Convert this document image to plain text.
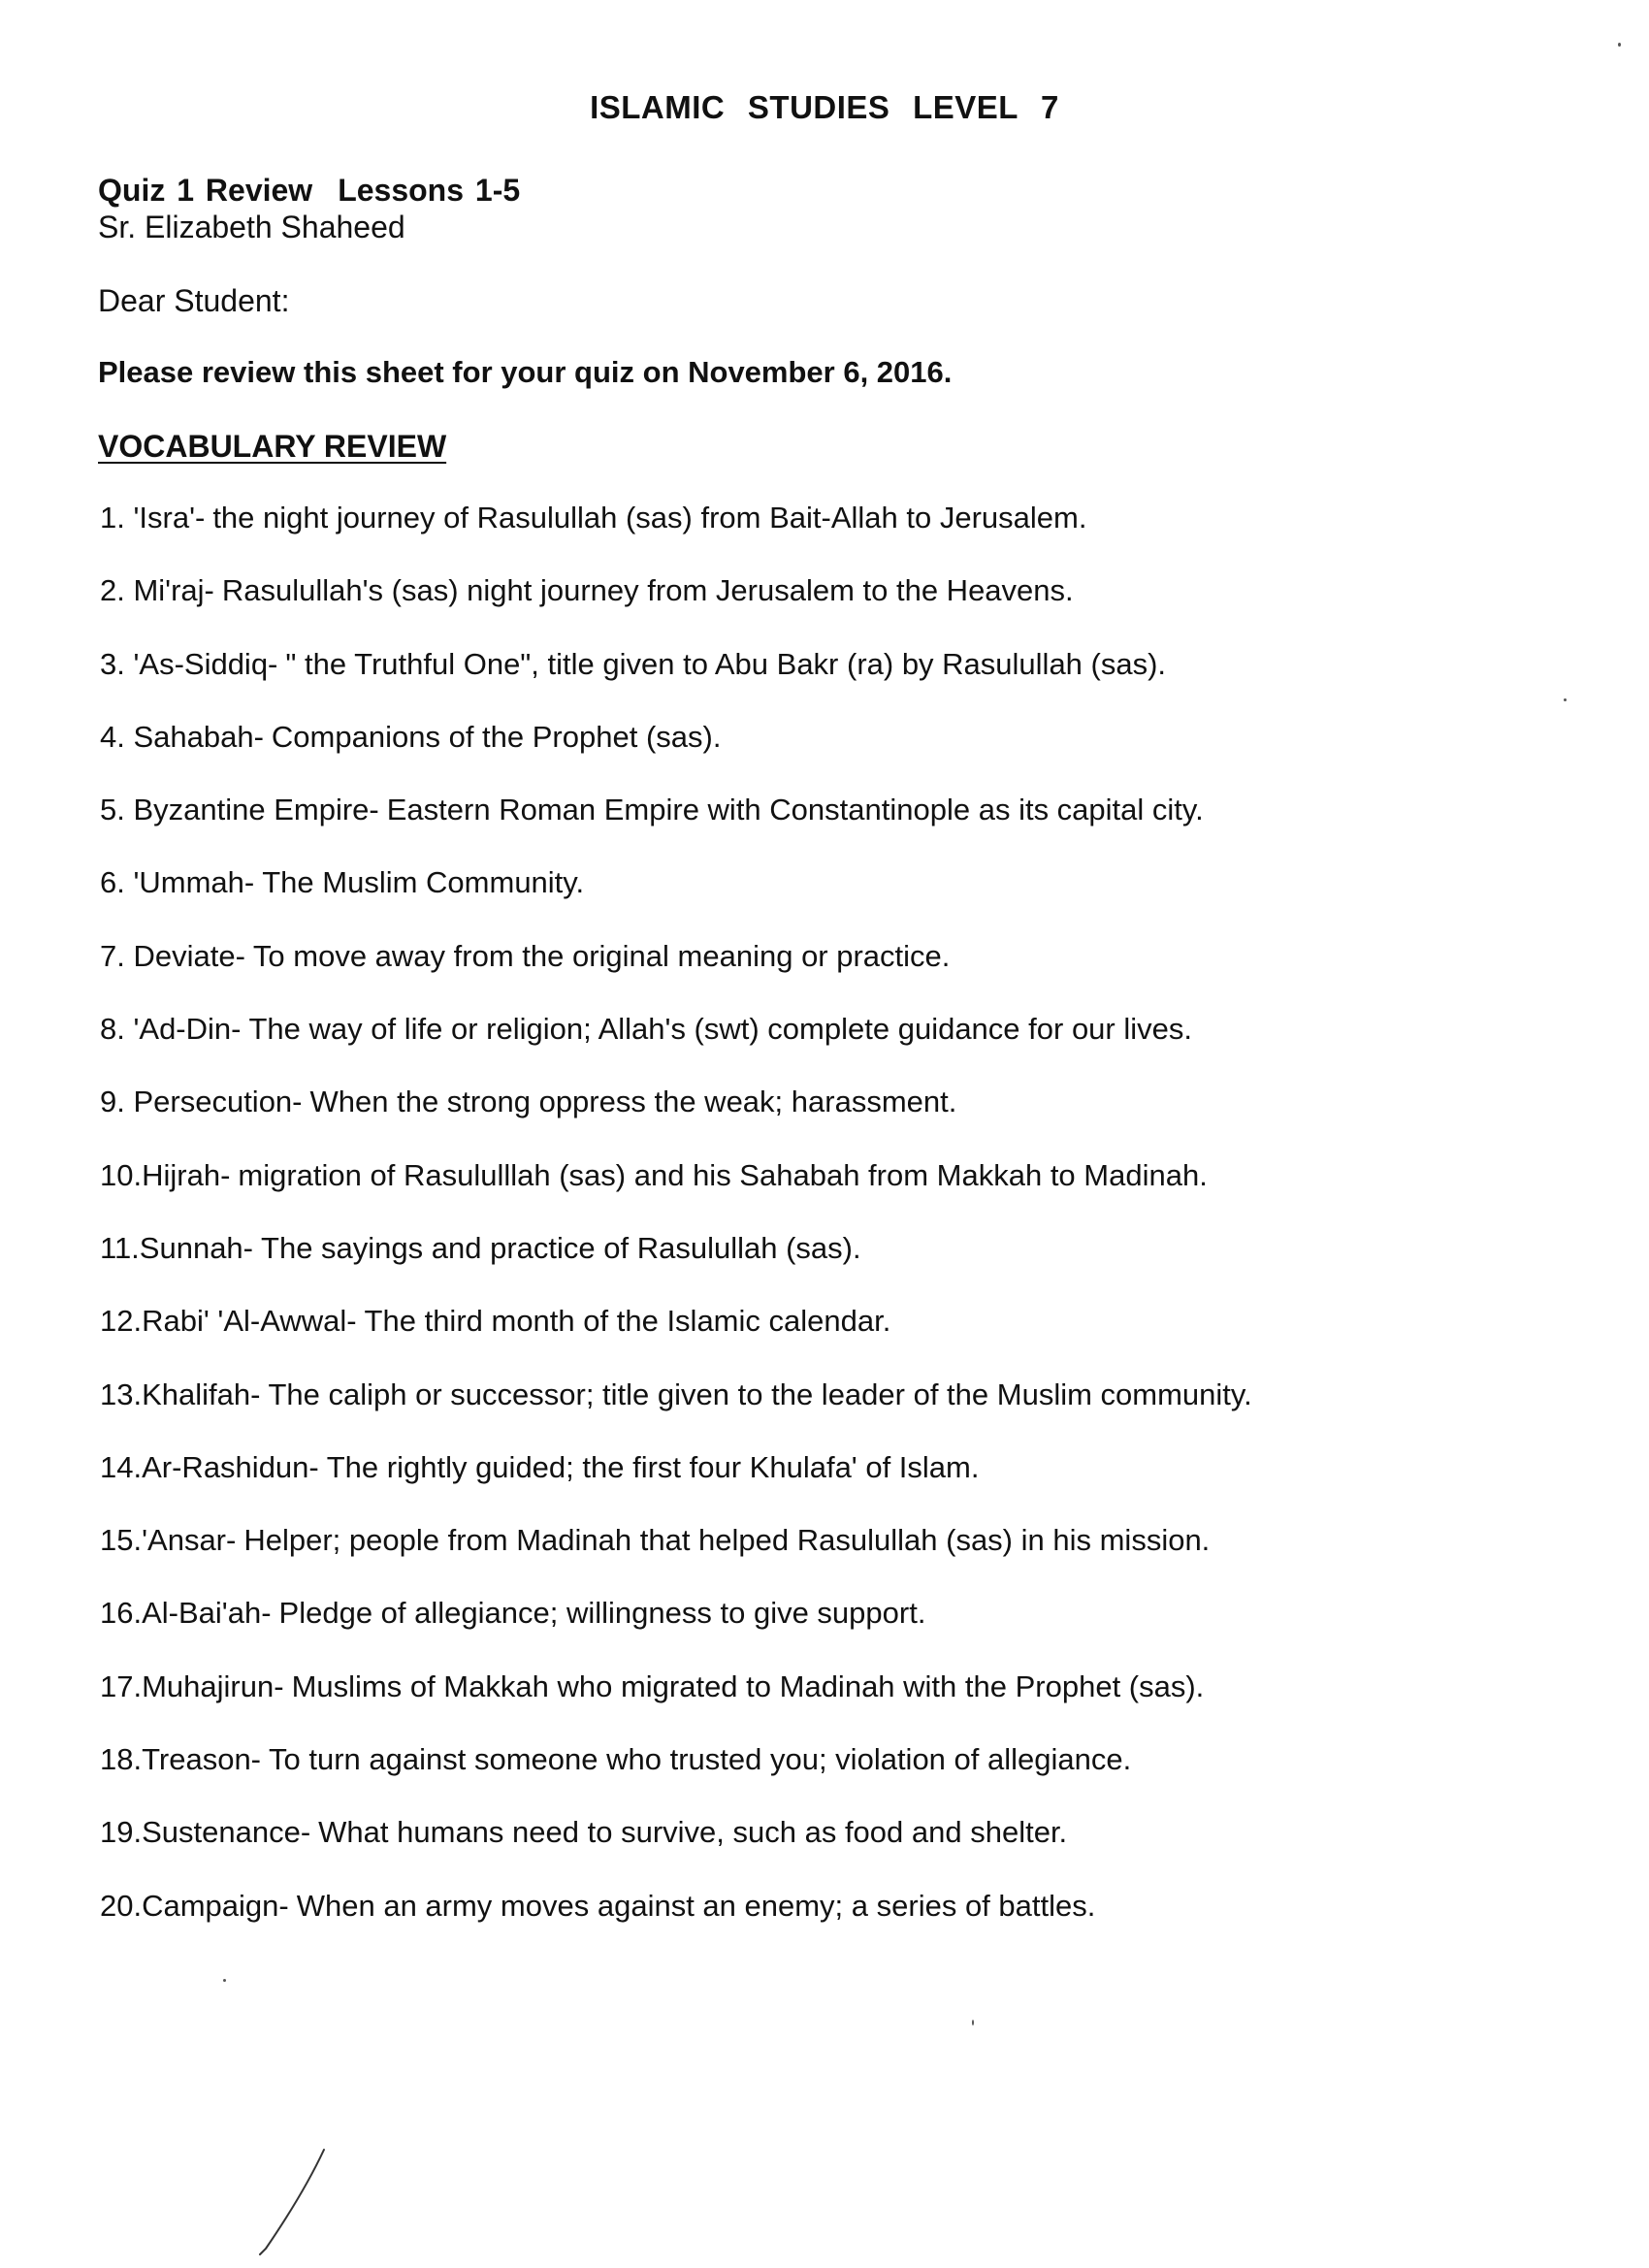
ISLAMIC STUDIES LEVEL 7
Quiz 1 Review Lessons 1-5
Sr. Elizabeth Shaheed
Dear Student:
Please review this sheet for your quiz on November 6, 2016.
VOCABULARY REVIEW
1. 'Isra'- the night journey of Rasulullah (sas) from Bait-Allah to Jerusalem.
2. Mi'raj- Rasulullah's (sas) night journey from Jerusalem to the Heavens.
3. 'As-Siddiq- " the Truthful One", title given to Abu Bakr (ra) by Rasulullah (sas).
4. Sahabah- Companions of the Prophet (sas).
5. Byzantine Empire- Eastern Roman Empire with Constantinople as its capital city.
6. 'Ummah- The Muslim Community.
7. Deviate- To move away from the original meaning or practice.
8. 'Ad-Din- The way of life or religion; Allah's (swt) complete guidance for our lives.
9. Persecution- When the strong oppress the weak; harassment.
10.Hijrah- migration of Rasululllah (sas) and his Sahabah from Makkah to Madinah.
11.Sunnah- The sayings and practice of Rasulullah (sas).
12.Rabi' 'Al-Awwal- The third month of the Islamic calendar.
13.Khalifah- The caliph or successor; title given to the leader of the Muslim community.
14.Ar-Rashidun- The rightly guided; the first four Khulafa' of Islam.
15.'Ansar- Helper; people from Madinah that helped Rasulullah (sas) in his mission.
16.Al-Bai'ah- Pledge of allegiance; willingness to give support.
17.Muhajirun- Muslims of Makkah who migrated to Madinah with the Prophet (sas).
18.Treason- To turn against someone who trusted you; violation of allegiance.
19.Sustenance- What humans need to survive, such as food and shelter.
20.Campaign- When an army moves against an enemy; a series of battles.
